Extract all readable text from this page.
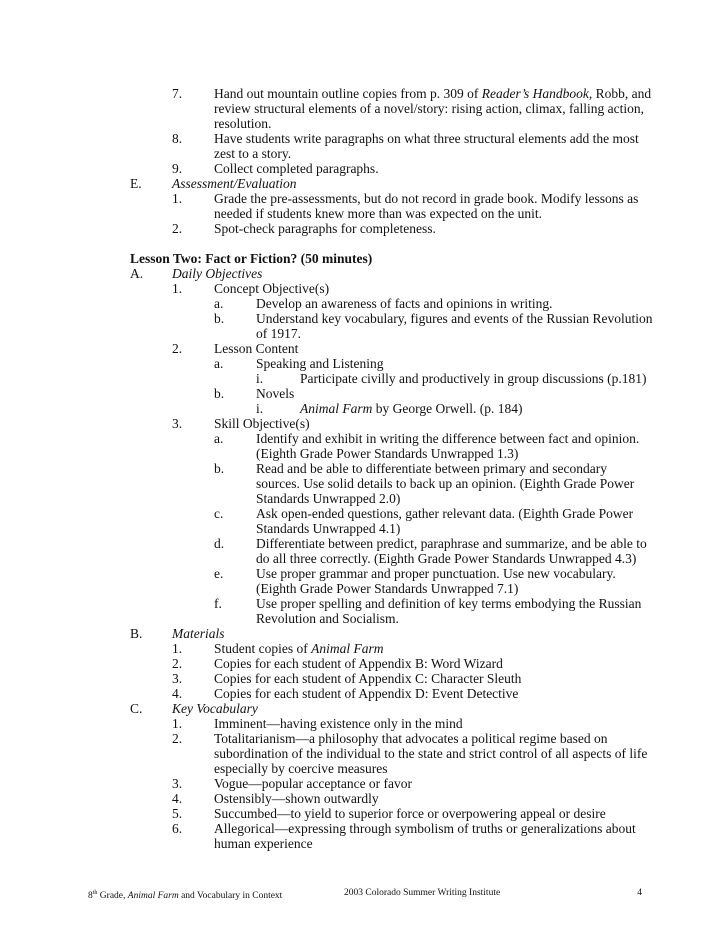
7. Hand out mountain outline copies from p. 309 of Reader’s Handbook, Robb, and
review structural elements of a novel/story: rising action, climax, falling action,
resolution.
8. Have students write paragraphs on what three structural elements add the most
zest to a story.
9. Collect completed paragraphs.
E. Assessment/Evaluation
1. Grade the pre-assessments, but do not record in grade book. Modify lessons as
needed if students knew more than was expected on the unit.
2. Spot-check paragraphs for completeness.
Lesson Two: Fact or Fiction? (50 minutes)
A. Daily Objectives
1. Concept Objective(s)
a. Develop an awareness of facts and opinions in writing.
b. Understand key vocabulary, figures and events of the Russian Revolution
of 1917.
2. Lesson Content
a. Speaking and Listening
i.	Participate civilly and productively in group discussions (p.181)
b. Novels
i.	Animal Farm by George Orwell. (p. 184)
3. Skill Objective(s)
a. Identify and exhibit in writing the difference between fact and opinion.
(Eighth Grade Power Standards Unwrapped 1.3)
b. Read and be able to differentiate between primary and secondary
sources. Use solid details to back up an opinion. (Eighth Grade Power
Standards Unwrapped 2.0)
c. Ask open-ended questions, gather relevant data. (Eighth Grade Power
Standards Unwrapped 4.1)
d. Differentiate between predict, paraphrase and summarize, and be able to
do all three correctly. (Eighth Grade Power Standards Unwrapped 4.3)
e. Use proper grammar and proper punctuation. Use new vocabulary.
(Eighth Grade Power Standards Unwrapped 7.1)
f.	Use proper spelling and definition of key terms embodying the Russian
Revolution and Socialism.
B. Materials
1. Student copies of Animal Farm
2. Copies for each student of Appendix B: Word Wizard
3. Copies for each student of Appendix C: Character Sleuth
4. Copies for each student of Appendix D: Event Detective
C. Key Vocabulary
1. Imminent—having existence only in the mind
2. Totalitarianism—a philosophy that advocates a political regime based on
subordination of the individual to the state and strict control of all aspects of life
especially by coercive measures
3. Vogue—popular acceptance or favor
4. Ostensibly—shown outwardly
5. Succumbed—to yield to superior force or overpowering appeal or desire
6. Allegorical—expressing through symbolism of truths or generalizations about
human experience
8th Grade, Animal Farm and Vocabulary in Context	2003 Colorado Summer Writing Institute	4
